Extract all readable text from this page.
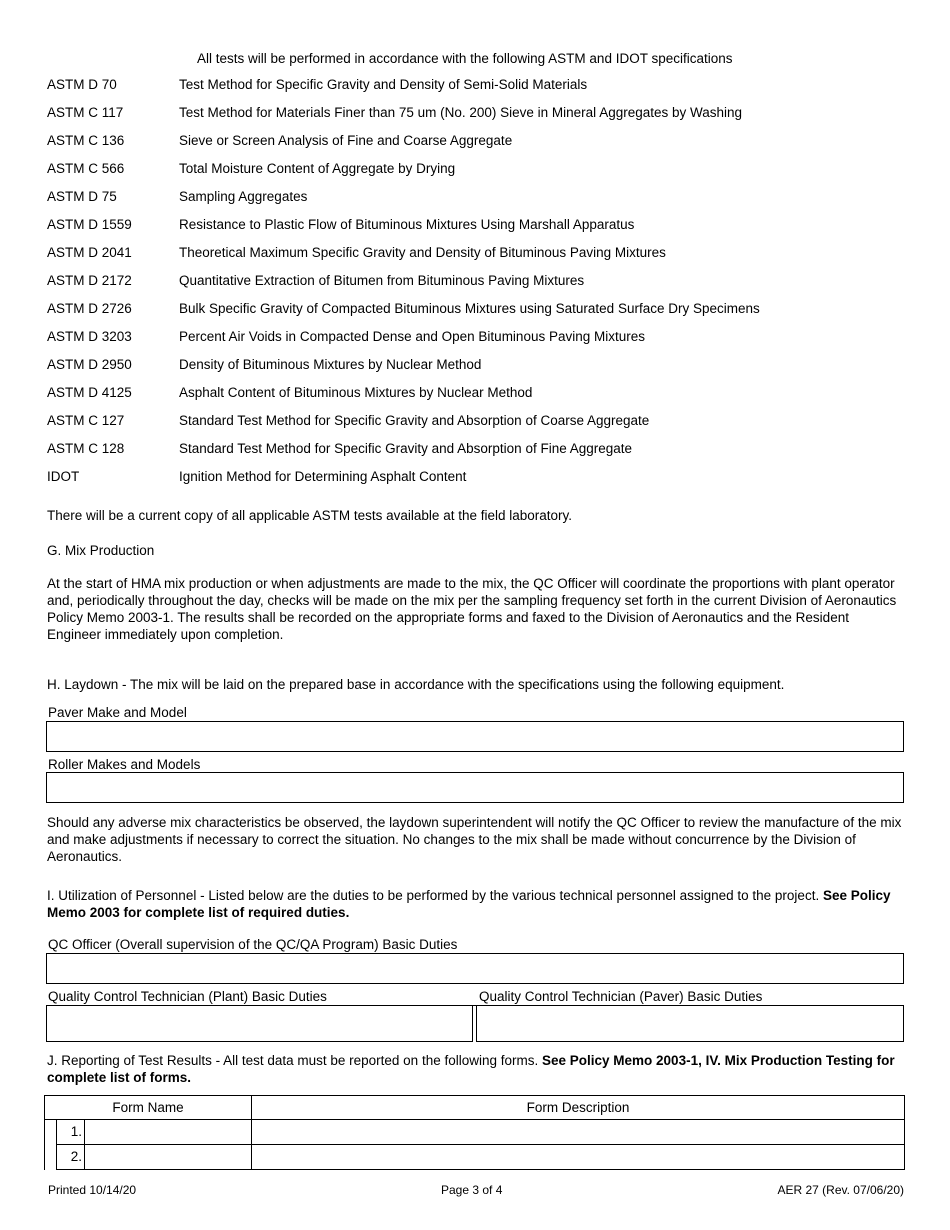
All tests will be performed in accordance with the following ASTM and IDOT specifications
ASTM D 70	Test Method for Specific Gravity and Density of Semi-Solid Materials
ASTM C 117	Test Method for Materials Finer than 75 um (No. 200) Sieve in Mineral Aggregates by Washing
ASTM C 136	Sieve or Screen Analysis of Fine and Coarse Aggregate
ASTM C 566	Total Moisture Content of Aggregate by Drying
ASTM D 75	Sampling Aggregates
ASTM D 1559	Resistance to Plastic Flow of Bituminous Mixtures Using Marshall Apparatus
ASTM D 2041	Theoretical Maximum Specific Gravity and Density of Bituminous Paving Mixtures
ASTM D 2172	Quantitative Extraction of Bitumen from Bituminous Paving Mixtures
ASTM D 2726	Bulk Specific Gravity of Compacted Bituminous Mixtures using Saturated Surface Dry Specimens
ASTM D 3203	Percent Air Voids in Compacted Dense and Open Bituminous Paving Mixtures
ASTM D 2950	Density of Bituminous Mixtures by Nuclear Method
ASTM D 4125	Asphalt Content of Bituminous Mixtures by Nuclear Method
ASTM C 127	Standard Test Method for Specific Gravity and Absorption of Coarse Aggregate
ASTM C 128	Standard Test Method for Specific Gravity and Absorption of Fine Aggregate
IDOT	Ignition Method for Determining Asphalt Content
There will be a current copy of all applicable ASTM tests available at the field laboratory.
G. Mix Production
At the start of HMA mix production or when adjustments are made to the mix, the QC Officer will coordinate the proportions with plant operator and, periodically throughout the day, checks will be made on the mix per the sampling frequency set forth in the current Division of Aeronautics Policy Memo 2003-1. The results shall be recorded on the appropriate forms and faxed to the Division of Aeronautics and the Resident Engineer immediately upon completion.
H. Laydown - The mix will be laid on the prepared base in accordance with the specifications using the following equipment.
Paver Make and Model
Roller Makes and Models
Should any adverse mix characteristics be observed, the laydown superintendent will notify the QC Officer to review the manufacture of the mix and make adjustments if necessary to correct the situation. No changes to the mix shall be made without concurrence by the Division of Aeronautics.
I. Utilization of Personnel - Listed below are the duties to be performed by the various technical personnel assigned to the project. See Policy Memo 2003 for complete list of required duties.
QC Officer (Overall supervision of the QC/QA Program) Basic Duties
Quality Control Technician (Plant) Basic Duties	Quality Control Technician (Paver) Basic Duties
J. Reporting of Test Results - All test data must be reported on the following forms. See Policy Memo 2003-1, IV. Mix Production Testing for complete list of forms.
Form Name		Form Description

	1.	

	2.	

Printed 10/14/20	Page 3 of 4	AER 27 (Rev. 07/06/20)
